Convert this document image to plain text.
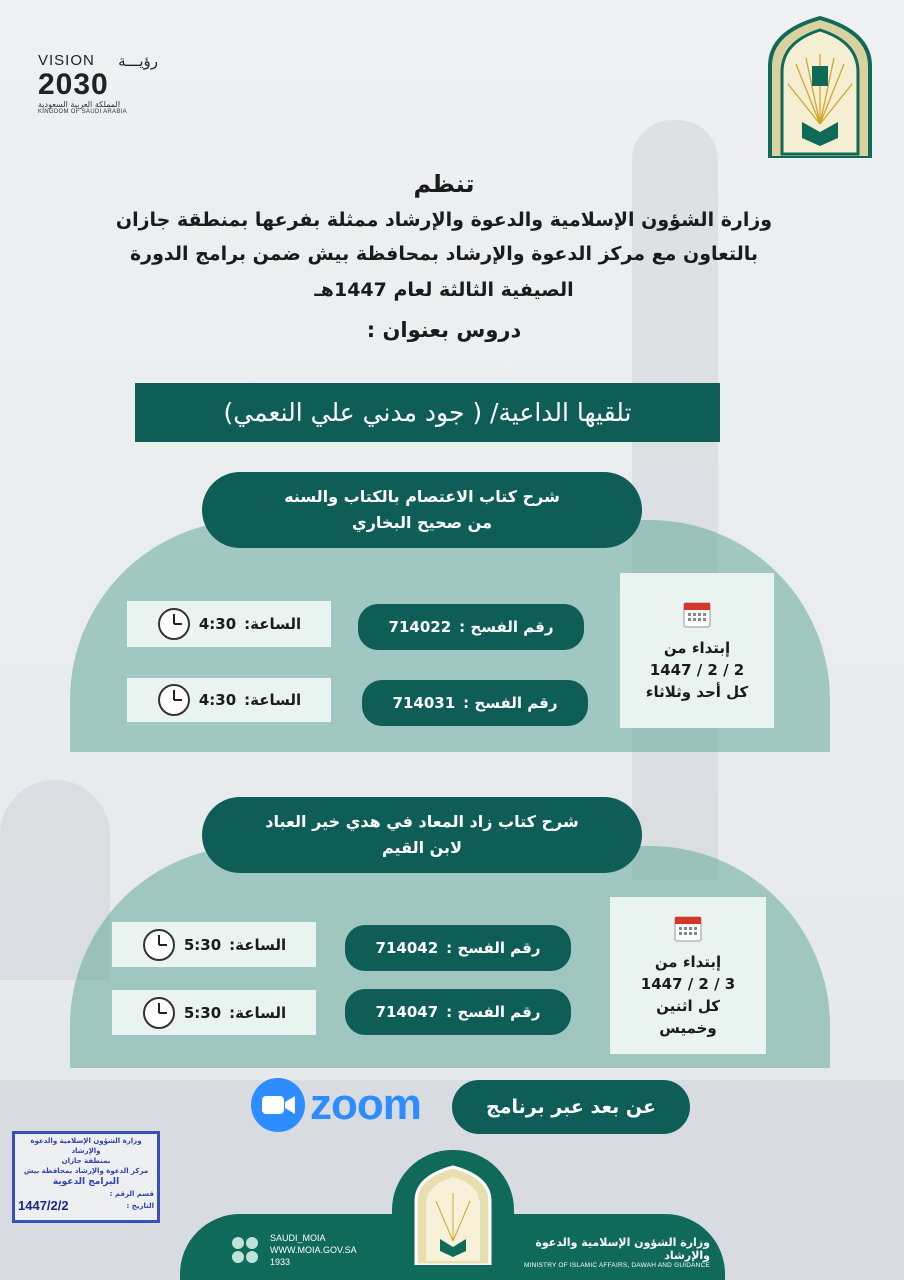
VISION رؤيـــة
2030
المملكة العربية السعودية
KINGDOM OF SAUDI ARABIA
تنظم
وزارة الشؤون الإسلامية والدعوة والإرشاد ممثلة بفرعها بمنطقة جازان
بالتعاون مع مركز الدعوة والإرشاد بمحافظة بيش ضمن برامج الدورة
الصيفية الثالثة لعام 1447هـ
دروس بعنوان :
تلقيها الداعية/ ( جود مدني علي النعمي)
شرح كتاب الاعتصام بالكتاب والسنه
من صحيح البخاري
إبتداء من
1447 / 2 / 2
كل أحد وثلاثاء
رقم الفسح :
714022
رقم الفسح :
714031
الساعة:
4:30
الساعة:
4:30
شرح كتاب زاد المعاد في هدي خير العباد
لابن القيم
إبتداء من
1447 / 2 / 3
كل اثنين
وخميس
رقم الفسح :
714042
رقم الفسح :
714047
الساعة:
5:30
الساعة:
5:30
zoom	عن بعد عبر برنامج
وزارة الشؤون الإسلامية والدعوة والإرشاد
بمنطقة جازان
مركز الدعوة والإرشاد بمحافظة بيش
البرامج الدعوية
قسم الرقم :
التاريخ :
1447/2/2
SAUDI_MOIA
WWW.MOIA.GOV.SA
1933
وزارة الشؤون الإسلامية والدعوة والإرشاد
MINISTRY OF ISLAMIC AFFAIRS, DAWAH AND GUIDANCE
